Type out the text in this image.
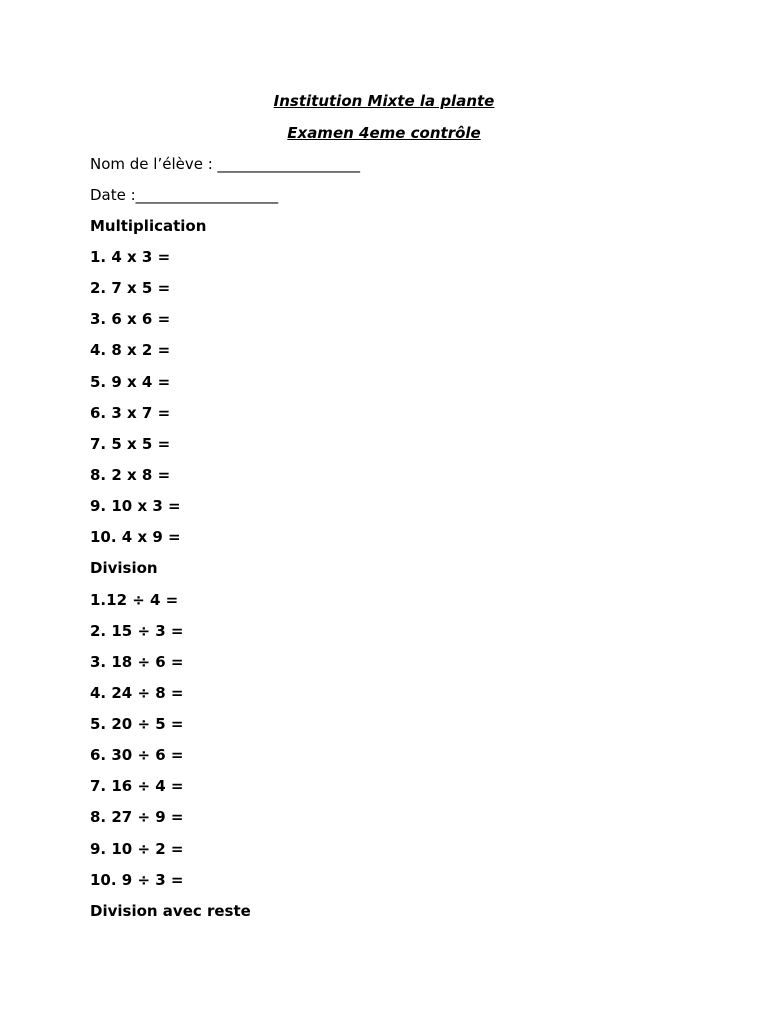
Institution Mixte la plante
Examen 4eme contrôle
Nom de l’élève : ___________________
Date :___________________
Multiplication
1. 4 x 3 =
2. 7 x 5 =
3. 6 x 6 =
4. 8 x 2 =
5. 9 x 4 =
6. 3 x 7 =
7. 5 x 5 =
8. 2 x 8 =
9. 10 x 3 =
10. 4 x 9 =
Division
1.12 ÷ 4 =
2. 15 ÷ 3 =
3. 18 ÷ 6 =
4. 24 ÷ 8 =
5. 20 ÷ 5 =
6. 30 ÷ 6 =
7. 16 ÷ 4 =
8. 27 ÷ 9 =
9. 10 ÷ 2 =
10. 9 ÷ 3 =
Division avec reste
